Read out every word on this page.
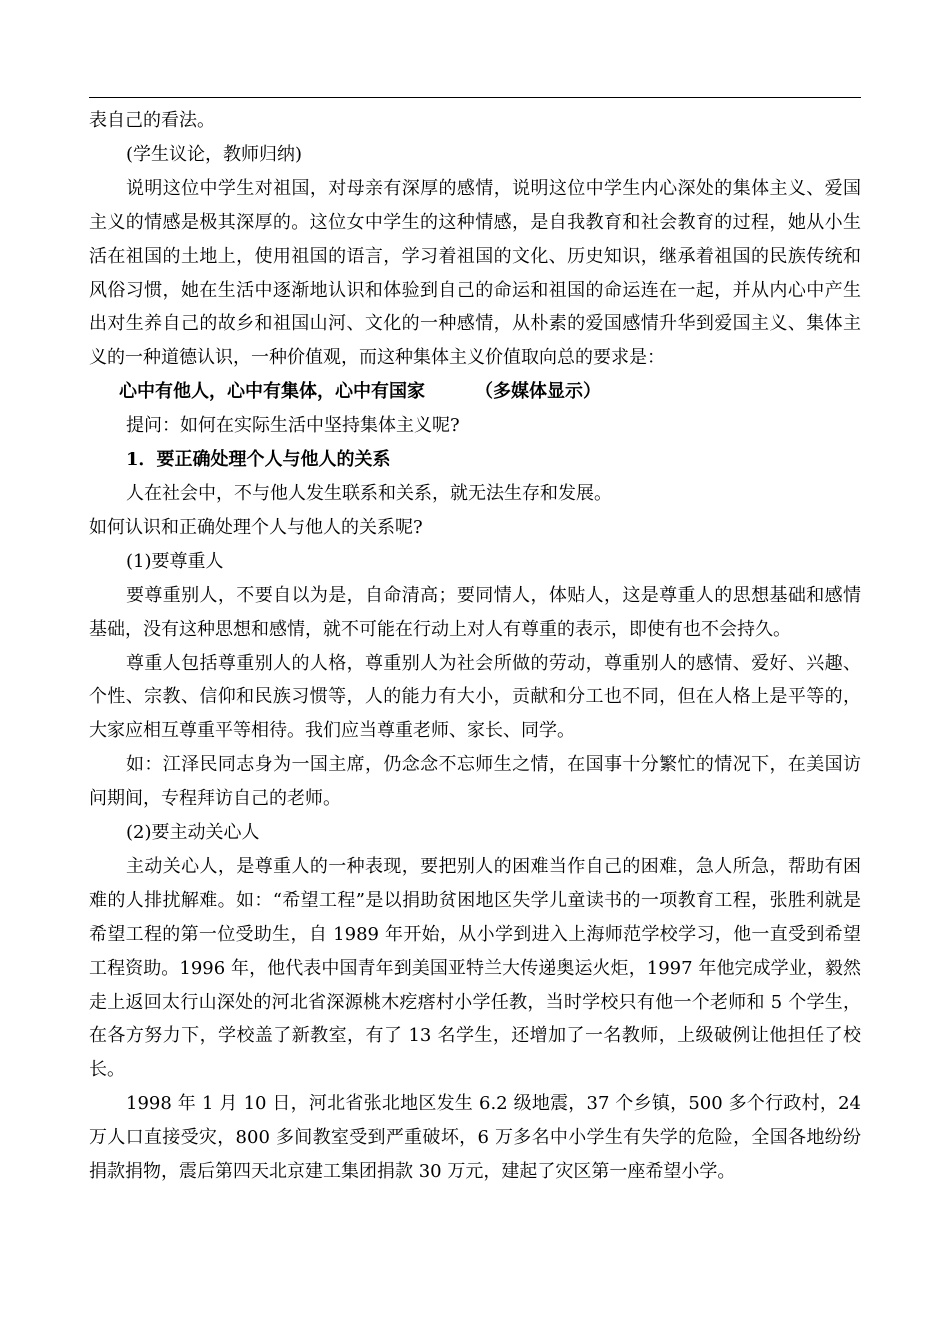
表自己的看法。

(学生议论，教师归纳)

说明这位中学生对祖国，对母亲有深厚的感情，说明这位中学生内心深处的集体主义、爱国主义的情感是极其深厚的。这位女中学生的这种情感，是自我教育和社会教育的过程，她从小生活在祖国的土地上，使用祖国的语言，学习着祖国的文化、历史知识，继承着祖国的民族传统和风俗习惯，她在生活中逐渐地认识和体验到自己的命运和祖国的命运连在一起，并从内心中产生出对生养自己的故乡和祖国山河、文化的一种感情，从朴素的爱国感情升华到爱国主义、集体主义的一种道德认识，一种价值观，而这种集体主义价值取向总的要求是：

心中有他人，心中有集体，心中有国家	（多媒体显示）

提问：如何在实际生活中坚持集体主义呢?

1．要正确处理个人与他人的关系

人在社会中，不与他人发生联系和关系，就无法生存和发展。

如何认识和正确处理个人与他人的关系呢?

(1)要尊重人

要尊重别人，不要自以为是，自命清高；要同情人，体贴人，这是尊重人的思想基础和感情基础，没有这种思想和感情，就不可能在行动上对人有尊重的表示，即使有也不会持久。

尊重人包括尊重别人的人格，尊重别人为社会所做的劳动，尊重别人的感情、爱好、兴趣、个性、宗教、信仰和民族习惯等，人的能力有大小，贡献和分工也不同，但在人格上是平等的，大家应相互尊重平等相待。我们应当尊重老师、家长、同学。

如：江泽民同志身为一国主席，仍念念不忘师生之情，在国事十分繁忙的情况下，在美国访问期间，专程拜访自己的老师。

(2)要主动关心人

主动关心人，是尊重人的一种表现，要把别人的困难当作自己的困难，急人所急，帮助有困难的人排扰解难。如：“希望工程”是以捐助贫困地区失学儿童读书的一项教育工程，张胜利就是希望工程的第一位受助生，自 1989 年开始，从小学到进入上海师范学校学习，他一直受到希望工程资助。1996 年，他代表中国青年到美国亚特兰大传递奥运火炬，1997 年他完成学业，毅然走上返回太行山深处的河北省深源桃木疙瘩村小学任教，当时学校只有他一个老师和 5 个学生，在各方努力下，学校盖了新教室，有了 13 名学生，还增加了一名教师，上级破例让他担任了校长。

1998 年 1 月 10 日，河北省张北地区发生 6.2 级地震，37 个乡镇，500 多个行政村，24 万人口直接受灾，800 多间教室受到严重破坏，6 万多名中小学生有失学的危险，全国各地纷纷捐款捐物，震后第四天北京建工集团捐款 30 万元，建起了灾区第一座希望小学。
